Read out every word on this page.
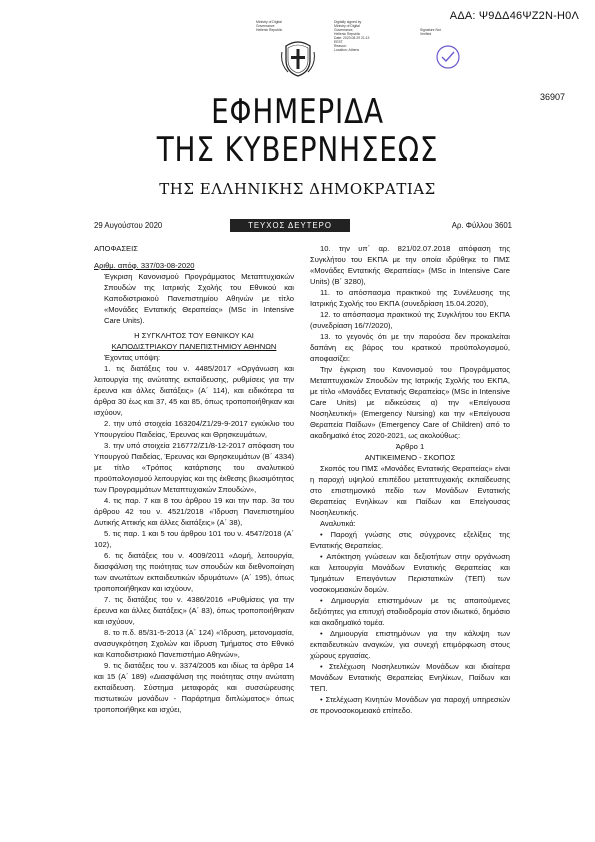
ΑΔΑ: Ψ9ΔΔ46ΨΖ2Ν-Η0Λ
Ministry of Digital
Governance
Hellenic Republic
Digitally signed by
Ministry of Digital
Governance,
Hellenic Republic
Date: 2020.08.29 21:13
EEST
Reason:
Location: Athens
Signature Not
Verified
36907
ΕΦΗΜΕΡΙΔΑ
ΤΗΣ ΚΥΒΕΡΝΗΣΕΩΣ
ΤΗΣ ΕΛΛΗΝΙΚΗΣ ΔΗΜΟΚΡΑΤΙΑΣ
29 Αυγούστου 2020	ΤΕΥΧΟΣ ΔΕΥΤΕΡΟ	Αρ. Φύλλου 3601

ΑΠΟΦΑΣΕΙΣ

Αριθμ. απόφ. 337/03-08-2020

Έγκριση Κανονισμού Προγράμματος Μεταπτυχιακών Σπουδών της Ιατρικής Σχολής του Εθνικού και Καποδιστριακού Πανεπιστημίου Αθηνών με τίτλο «Μονάδες Εντατικής Θεραπείας» (MSc in Intensive Care Units).

Η ΣΥΓΚΛΗΤΟΣ ΤΟΥ ΕΘΝΙΚΟΥ ΚΑΙ

ΚΑΠΟΔΙΣΤΡΙΑΚΟΥ ΠΑΝΕΠΙΣΤΗΜΙΟΥ ΑΘΗΝΩΝ

Έχοντας υπόψη:

1. τις διατάξεις του ν. 4485/2017 «Οργάνωση και λειτουργία της ανώτατης εκπαίδευσης, ρυθμίσεις για την έρευνα και άλλες διατάξεις» (Α΄ 114), και ειδικότερα τα άρθρα 30 έως και 37, 45 και 85, όπως τροποποιήθηκαν και ισχύουν,

2. την υπό στοιχεία 163204/Ζ1/29-9-2017 εγκύκλιο του Υπουργείου Παιδείας, Έρευνας και Θρησκευμάτων,

3. την υπό στοιχεία 216772/Ζ1/8-12-2017 απόφαση του Υπουργού Παιδείας, Έρευνας και Θρησκευμάτων (Β΄ 4334) με τίτλο «Τρόπος κατάρτισης του αναλυτικού προϋπολογισμού λειτουργίας και της έκθεσης βιωσιμότητας των Προγραμμάτων Μεταπτυχιακών Σπουδών»,

4. τις παρ. 7 και 8 του άρθρου 19 και την παρ. 3α του άρθρου 42 του ν. 4521/2018 «Ίδρυση Πανεπιστημίου Δυτικής Αττικής και άλλες διατάξεις» (Α΄ 38),

5. τις παρ. 1 και 5 του άρθρου 101 του ν. 4547/2018 (Α΄ 102),

6. τις διατάξεις του ν. 4009/2011 «Δομή, λειτουργία, διασφάλιση της ποιότητας των σπουδών και διεθνοποίηση των ανωτάτων εκπαιδευτικών ιδρυμάτων» (Α΄ 195), όπως τροποποιήθηκαν και ισχύουν,

7. τις διατάξεις του ν. 4386/2016 «Ρυθμίσεις για την έρευνα και άλλες διατάξεις» (Α΄ 83), όπως τροποποιήθηκαν και ισχύουν,

8. το π.δ. 85/31-5-2013 (Α΄ 124) «Ίδρυση, μετονομασία, ανασυγκρότηση Σχολών και ίδρυση Τμήματος στο Εθνικό και Καποδιστριακό Πανεπιστήμιο Αθηνών»,

9. τις διατάξεις του ν. 3374/2005 και ιδίως τα άρθρα 14 και 15 (Α΄ 189) «Διασφάλιση της ποιότητας στην ανώτατη εκπαίδευση. Σύστημα μεταφοράς και συσσώρευσης πιστωτικών μονάδων - Παράρτημα διπλώματος» όπως τροποποιήθηκε και ισχύει,

10. την υπ΄ αρ. 821/02.07.2018 απόφαση της Συγκλήτου του ΕΚΠΑ με την οποία ιδρύθηκε το ΠΜΣ «Μονάδες Εντατικής Θεραπείας» (MSc in Intensive Care Units) (Β΄ 3280),

11. το απόσπασμα πρακτικού της Συνέλευσης της Ιατρικής Σχολής του ΕΚΠΑ (συνεδρίαση 15.04.2020),

12. το απόσπασμα πρακτικού της Συγκλήτου του ΕΚΠΑ (συνεδρίαση 16/7/2020),

13. το γεγονός ότι με την παρούσα δεν προκαλείται δαπάνη εις βάρος του κρατικού προϋπολογισμού, αποφασίζει:

Την έγκριση του Κανονισμού του Προγράμματος Μεταπτυχιακών Σπουδών της Ιατρικής Σχολής του ΕΚΠΑ, με τίτλο «Μονάδες Εντατικής Θεραπείας» (MSc in Intensive Care Units) με ειδικεύσεις α) την «Επείγουσα Νοσηλευτική» (Emergency Nursing) και την «Επείγουσα Θεραπεία Παίδων» (Emergency Care of Children) από το ακαδημαϊκό έτος 2020-2021, ως ακολούθως:

Άρθρο 1

ΑΝΤΙΚΕΙΜΕΝΟ - ΣΚΟΠΟΣ

Σκοπός του ΠΜΣ «Μονάδες Εντατικής Θεραπείας» είναι η παροχή υψηλού επιπέδου μεταπτυχιακής εκπαίδευσης στο επιστημονικό πεδίο των Μονάδων Εντατικής Θεραπείας Ενηλίκων και Παίδων και Επείγουσας Νοσηλευτικής.

Αναλυτικά:

• Παροχή γνώσης στις σύγχρονες εξελίξεις της Εντατικής Θεραπείας.

• Απόκτηση γνώσεων και δεξιοτήτων στην οργάνωση και λειτουργία Μονάδων Εντατικής Θεραπείας και Τμημάτων Επειγόντων Περιστατικών (ΤΕΠ) των νοσοκομειακών δομών.

• Δημιουργία επιστημόνων με τις απαιτούμενες δεξιότητες για επιτυχή σταδιοδρομία στον ιδιωτικό, δημόσιο και ακαδημαϊκό τομέα.

• Δημιουργία επιστημόνων για την κάλυψη των εκπαιδευτικών αναγκών, για συνεχή επιμόρφωση στους χώρους εργασίας.

• Στελέχωση Νοσηλευτικών Μονάδων και ιδιαίτερα Μονάδων Εντατικής Θεραπείας Ενηλίκων, Παίδων και ΤΕΠ.

• Στελέχωση Κινητών Μονάδων για παροχή υπηρεσιών σε προνοσοκομειακό επίπεδο.
